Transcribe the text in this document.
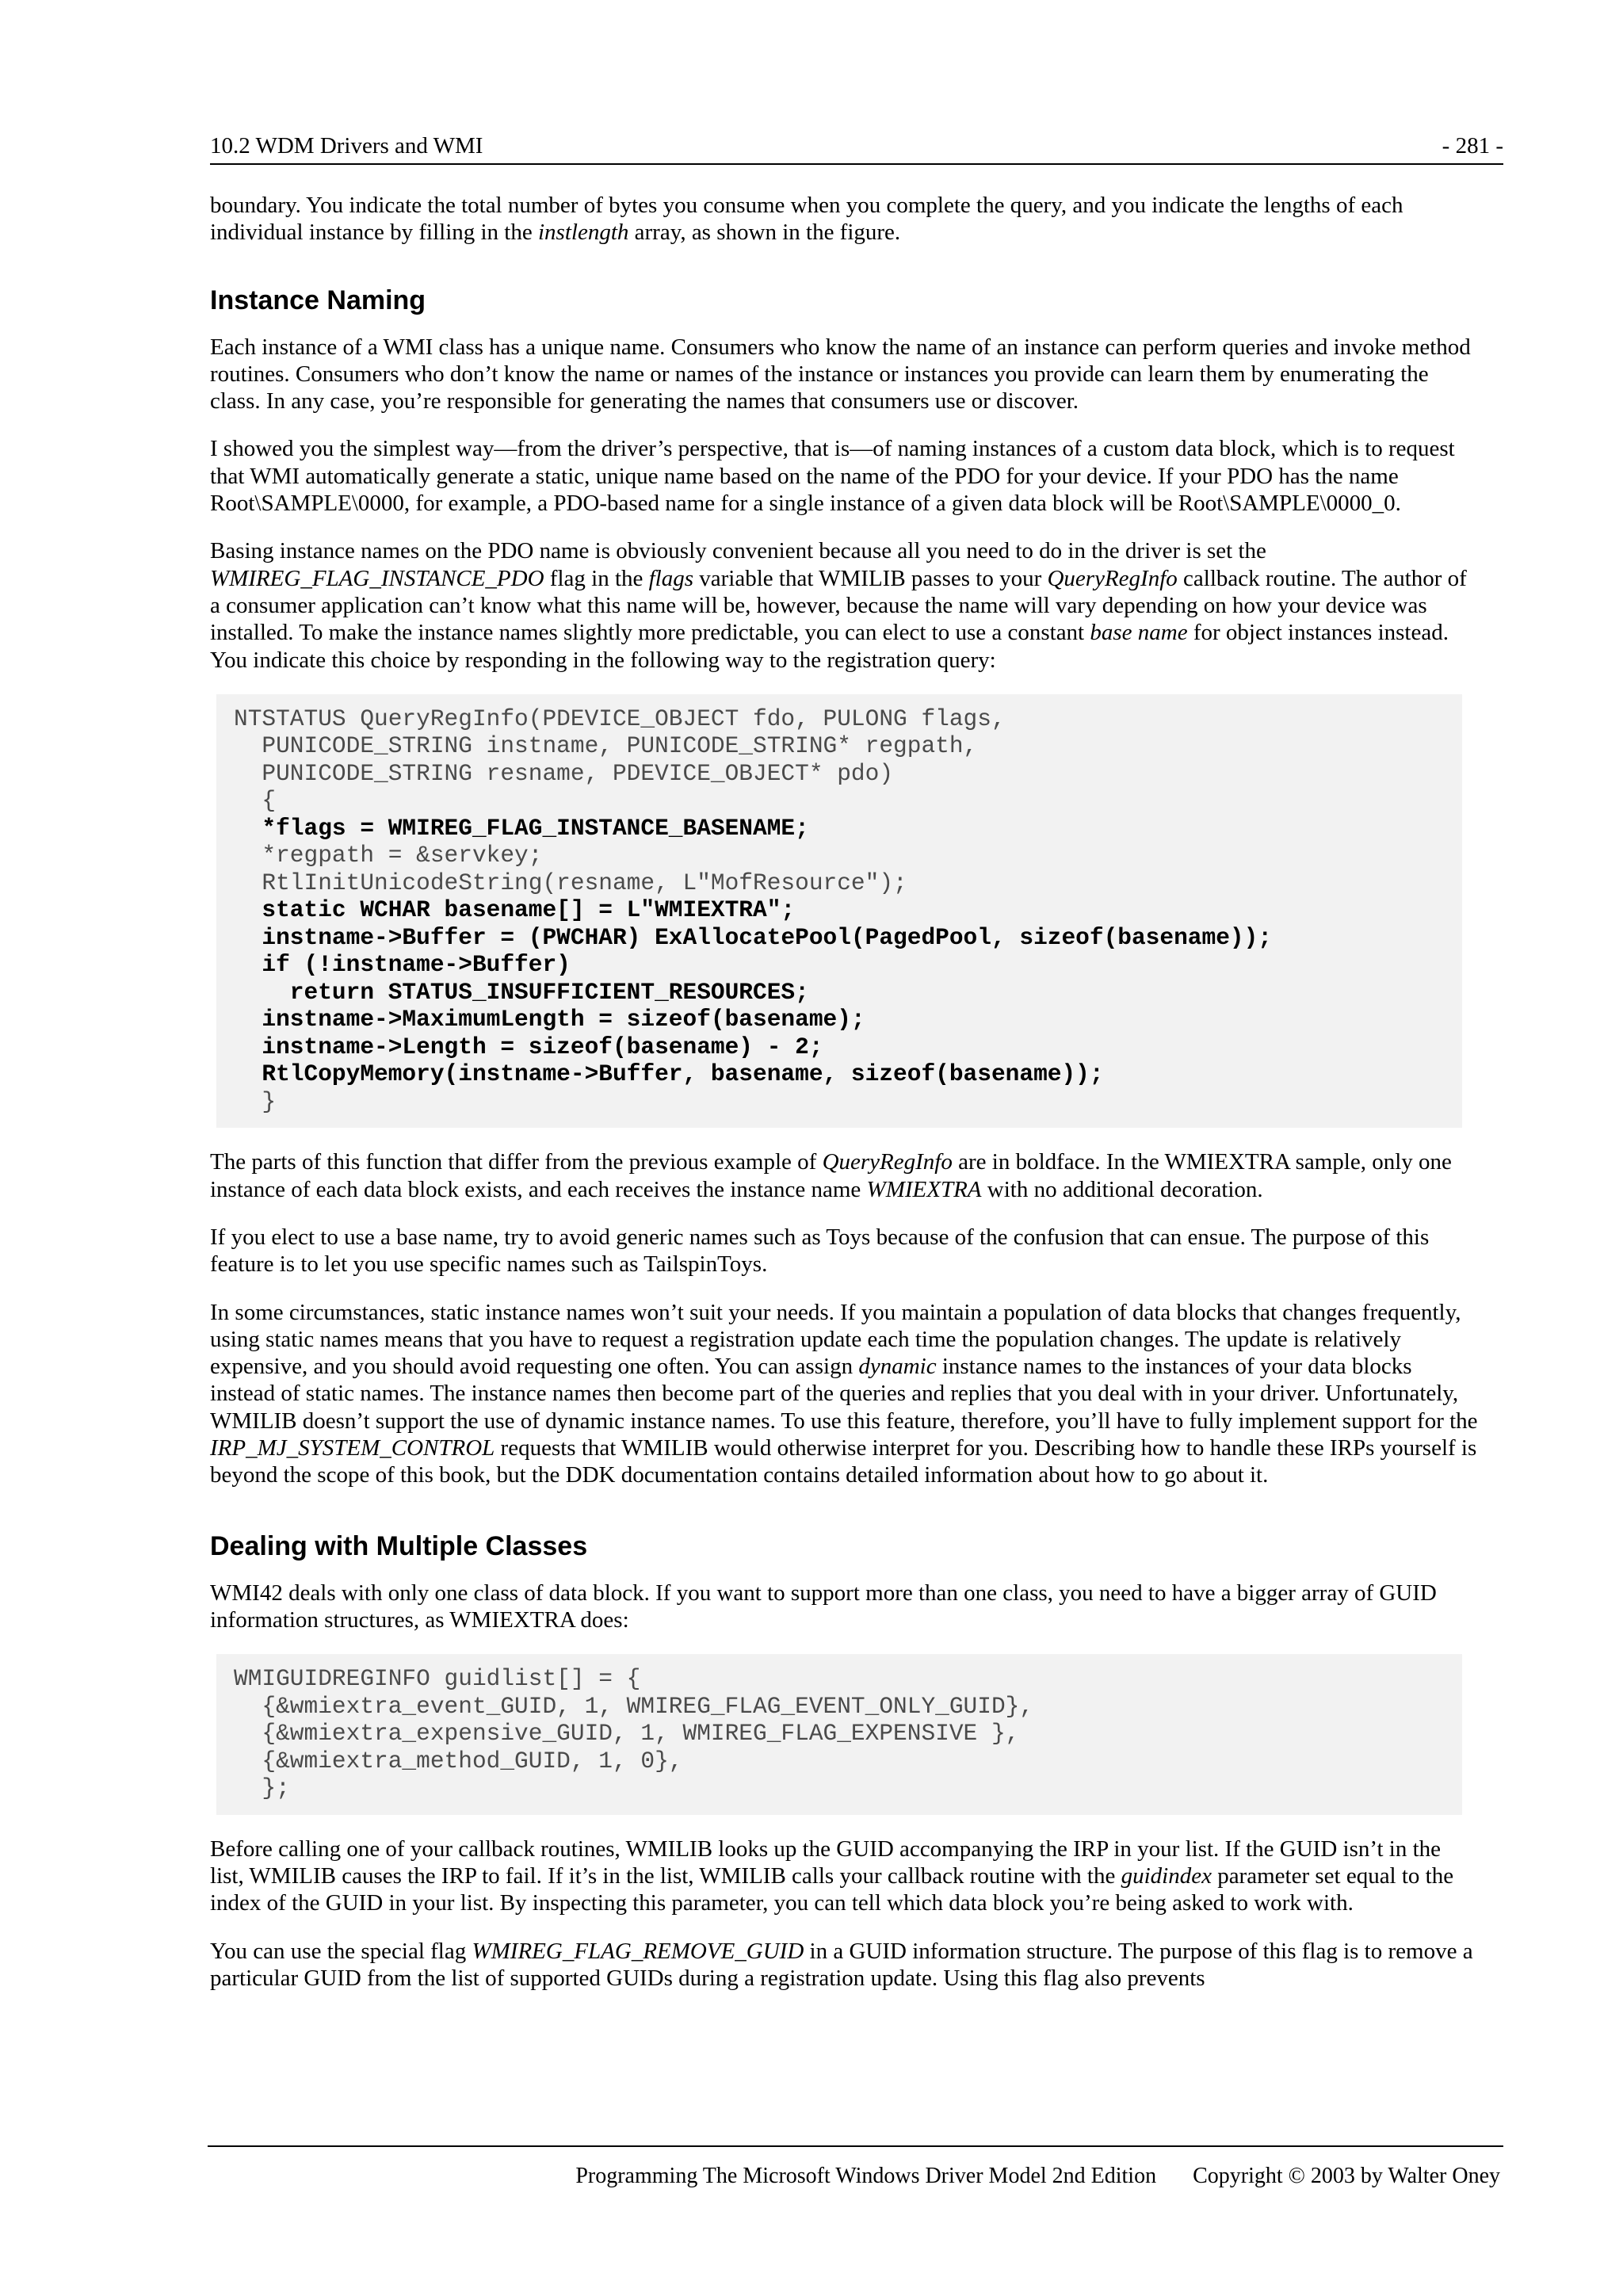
10.2 WDM Drivers and WMI	- 281 -

boundary. You indicate the total number of bytes you consume when you complete the query, and you indicate the lengths of each individual instance by filling in the instlength array, as shown in the figure.

Instance Naming

Each instance of a WMI class has a unique name. Consumers who know the name of an instance can perform queries and invoke method routines. Consumers who don’t know the name or names of the instance or instances you provide can learn them by enumerating the class. In any case, you’re responsible for generating the names that consumers use or discover.

I showed you the simplest way—from the driver’s perspective, that is—of naming instances of a custom data block, which is to request that WMI automatically generate a static, unique name based on the name of the PDO for your device. If your PDO has the name Root\SAMPLE\0000, for example, a PDO-based name for a single instance of a given data block will be Root\SAMPLE\0000_0.

Basing instance names on the PDO name is obviously convenient because all you need to do in the driver is set the WMIREG_FLAG_INSTANCE_PDO flag in the flags variable that WMILIB passes to your QueryRegInfo callback routine. The author of a consumer application can’t know what this name will be, however, because the name will vary depending on how your device was installed. To make the instance names slightly more predictable, you can elect to use a constant base name for object instances instead. You indicate this choice by responding in the following way to the registration query:

NTSTATUS QueryRegInfo(PDEVICE_OBJECT fdo, PULONG flags,
PUNICODE_STRING instname, PUNICODE_STRING* regpath,
PUNICODE_STRING resname, PDEVICE_OBJECT* pdo)
{
*flags = WMIREG_FLAG_INSTANCE_BASENAME;
*regpath = &servkey;
RtlInitUnicodeString(resname, L"MofResource");
static WCHAR basename[] = L"WMIEXTRA";
instname->Buffer = (PWCHAR) ExAllocatePool(PagedPool, sizeof(basename));
if (!instname->Buffer)
return STATUS_INSUFFICIENT_RESOURCES;
instname->MaximumLength = sizeof(basename);
instname->Length = sizeof(basename) - 2;
RtlCopyMemory(instname->Buffer, basename, sizeof(basename));
}

The parts of this function that differ from the previous example of QueryRegInfo are in boldface. In the WMIEXTRA sample, only one instance of each data block exists, and each receives the instance name WMIEXTRA with no additional decoration.

If you elect to use a base name, try to avoid generic names such as Toys because of the confusion that can ensue. The purpose of this feature is to let you use specific names such as TailspinToys.

In some circumstances, static instance names won’t suit your needs. If you maintain a population of data blocks that changes frequently, using static names means that you have to request a registration update each time the population changes. The update is relatively expensive, and you should avoid requesting one often. You can assign dynamic instance names to the instances of your data blocks instead of static names. The instance names then become part of the queries and replies that you deal with in your driver. Unfortunately, WMILIB doesn’t support the use of dynamic instance names. To use this feature, therefore, you’ll have to fully implement support for the IRP_MJ_SYSTEM_CONTROL requests that WMILIB would otherwise interpret for you. Describing how to handle these IRPs yourself is beyond the scope of this book, but the DDK documentation contains detailed information about how to go about it.

Dealing with Multiple Classes

WMI42 deals with only one class of data block. If you want to support more than one class, you need to have a bigger array of GUID information structures, as WMIEXTRA does:

WMIGUIDREGINFO guidlist[] = {
{&wmiextra_event_GUID, 1, WMIREG_FLAG_EVENT_ONLY_GUID},
{&wmiextra_expensive_GUID, 1, WMIREG_FLAG_EXPENSIVE },
{&wmiextra_method_GUID, 1, 0},
};

Before calling one of your callback routines, WMILIB looks up the GUID accompanying the IRP in your list. If the GUID isn’t in the list, WMILIB causes the IRP to fail. If it’s in the list, WMILIB calls your callback routine with the guidindex parameter set equal to the index of the GUID in your list. By inspecting this parameter, you can tell which data block you’re being asked to work with.

You can use the special flag WMIREG_FLAG_REMOVE_GUID in a GUID information structure. The purpose of this flag is to remove a particular GUID from the list of supported GUIDs during a registration update. Using this flag also prevents

Programming The Microsoft Windows Driver Model 2nd Edition Copyright © 2003 by Walter Oney
